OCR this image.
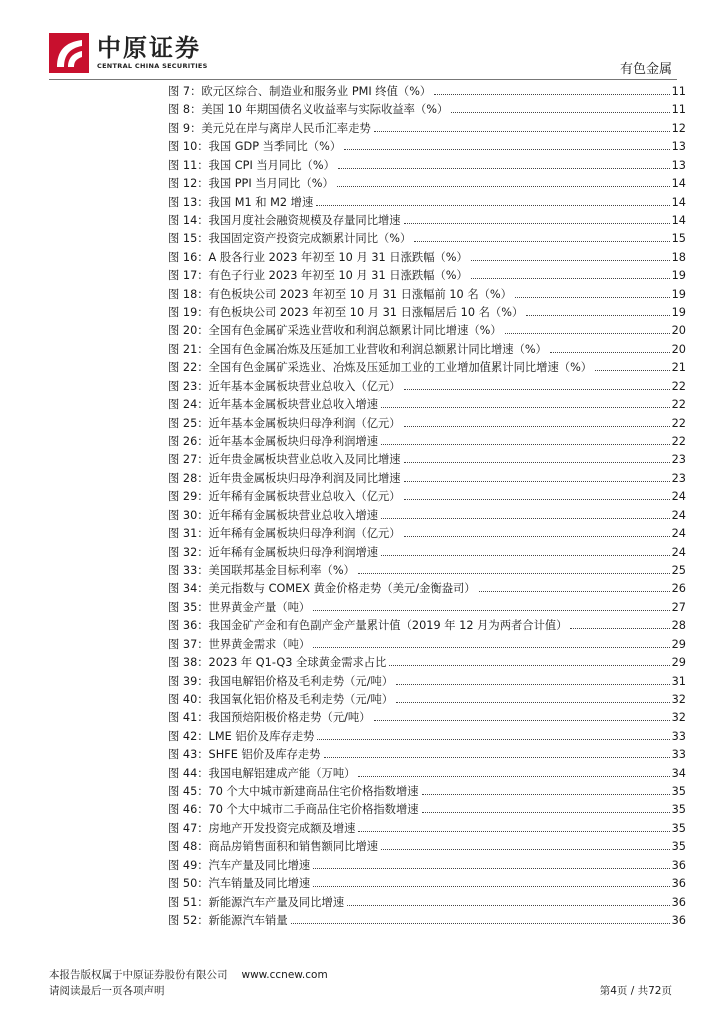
中原证券
CENTRAL CHINA SECURITIES	有色金属
图 7：欧元区综合、制造业和服务业 PMI 终值（%）	11
图 8：美国 10 年期国债名义收益率与实际收益率（%）	11
图 9：美元兑在岸与离岸人民币汇率走势	12
图 10：我国 GDP 当季同比（%）	13
图 11：我国 CPI 当月同比（%）	13
图 12：我国 PPI 当月同比（%）	14
图 13：我国 M1 和 M2 增速	14
图 14：我国月度社会融资规模及存量同比增速	14
图 15：我国固定资产投资完成额累计同比（%）	15
图 16：A 股各行业 2023 年初至 10 月 31 日涨跌幅（%）	18
图 17：有色子行业 2023 年初至 10 月 31 日涨跌幅（%）	19
图 18：有色板块公司 2023 年初至 10 月 31 日涨幅前 10 名（%）	19
图 19：有色板块公司 2023 年初至 10 月 31 日涨幅居后 10 名（%）	19
图 20：全国有色金属矿采选业营收和利润总额累计同比增速（%）	20
图 21：全国有色金属冶炼及压延加工业营收和利润总额累计同比增速（%）	20
图 22：全国有色金属矿采选业、冶炼及压延加工业的工业增加值累计同比增速（%）	21
图 23：近年基本金属板块营业总收入（亿元）	22
图 24：近年基本金属板块营业总收入增速	22
图 25：近年基本金属板块归母净利润（亿元）	22
图 26：近年基本金属板块归母净利润增速	22
图 27：近年贵金属板块营业总收入及同比增速	23
图 28：近年贵金属板块归母净利润及同比增速	23
图 29：近年稀有金属板块营业总收入（亿元）	24
图 30：近年稀有金属板块营业总收入增速	24
图 31：近年稀有金属板块归母净利润（亿元）	24
图 32：近年稀有金属板块归母净利润增速	24
图 33：美国联邦基金目标利率（%）	25
图 34：美元指数与 COMEX 黄金价格走势（美元/金衡盎司）	26
图 35：世界黄金产量（吨）	27
图 36：我国金矿产金和有色副产金产量累计值（2019 年 12 月为两者合计值）	28
图 37：世界黄金需求（吨）	29
图 38：2023 年 Q1-Q3 全球黄金需求占比	29
图 39：我国电解铝价格及毛利走势（元/吨）	31
图 40：我国氧化铝价格及毛利走势（元/吨）	32
图 41：我国预焙阳极价格走势（元/吨）	32
图 42：LME 铝价及库存走势	33
图 43：SHFE 铝价及库存走势	33
图 44：我国电解铝建成产能（万吨）	34
图 45：70 个大中城市新建商品住宅价格指数增速	35
图 46：70 个大中城市二手商品住宅价格指数增速	35
图 47：房地产开发投资完成额及增速	35
图 48：商品房销售面积和销售额同比增速	35
图 49：汽车产量及同比增速	36
图 50：汽车销量及同比增速	36
图 51：新能源汽车产量及同比增速	36
图 52：新能源汽车销量	36
本报告版权属于中原证券股份有限公司 www.ccnew.com
请阅读最后一页各项声明	第4页 / 共72页
